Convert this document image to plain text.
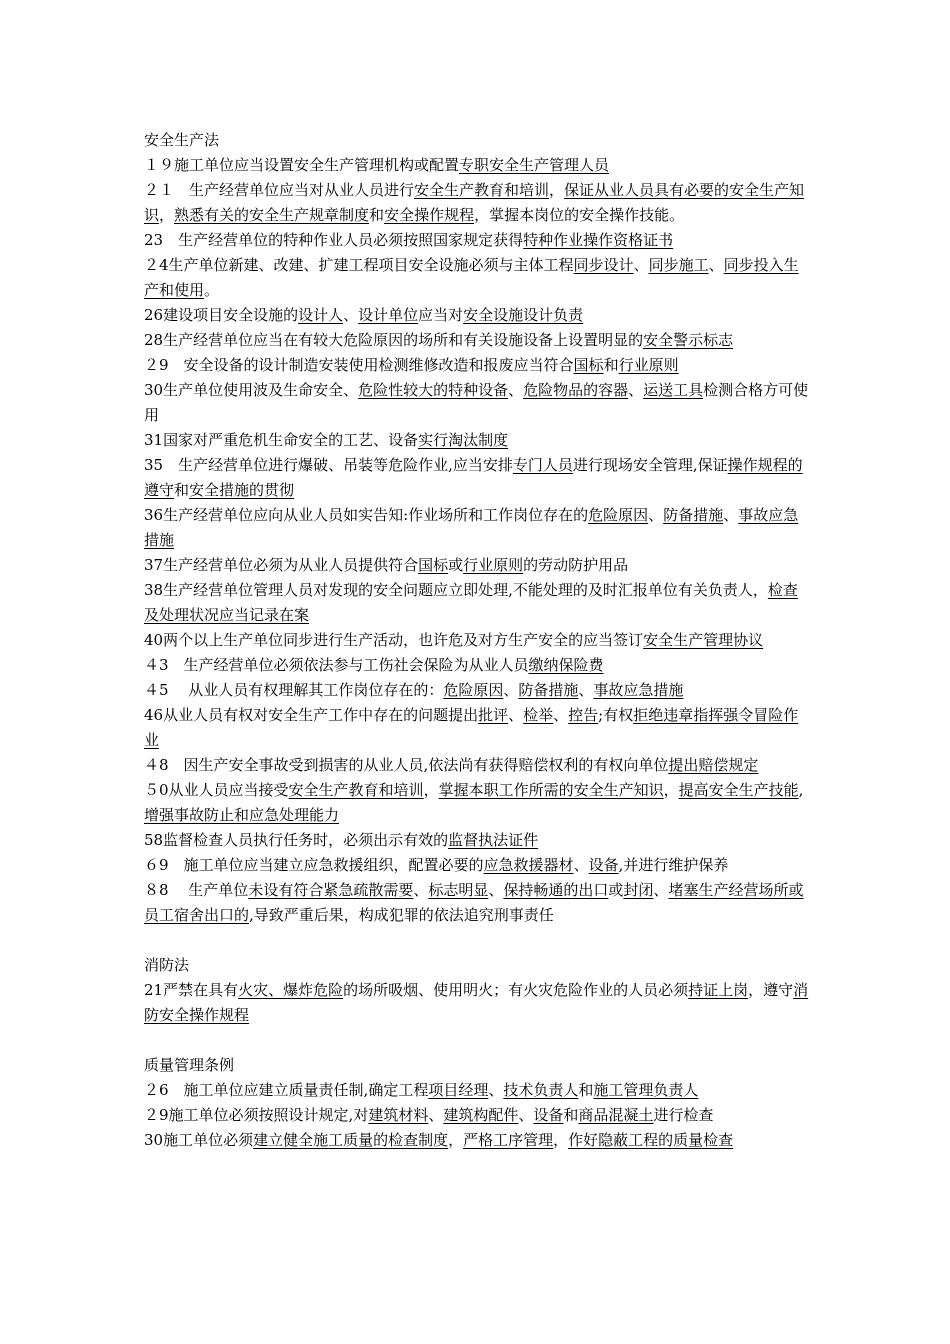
安全生产法
１９施工单位应当设置安全生产管理机构或配置专职安全生产管理人员
２１　生产经营单位应当对从业人员进行安全生产教育和培训，保证从业人员具有必要的安全生产知识，熟悉有关的安全生产规章制度和安全操作规程，掌握本岗位的安全操作技能。
23　生产经营单位的特种作业人员必须按照国家规定获得特种作业操作资格证书
２4生产单位新建、改建、扩建工程项目安全设施必须与主体工程同步设计、同步施工、同步投入生产和使用。
26建设项目安全设施的设计人、设计单位应当对安全设施设计负责
28生产经营单位应当在有较大危险原因的场所和有关设施设备上设置明显的安全警示标志
２9　安全设备的设计制造安装使用检测维修改造和报废应当符合国标和行业原则
30生产单位使用波及生命安全、危险性较大的特种设备、危险物品的容器、运送工具检测合格方可使用
31国家对严重危机生命安全的工艺、设备实行淘汰制度
35　生产经营单位进行爆破、吊装等危险作业,应当安排专门人员进行现场安全管理,保证操作规程的遵守和安全措施的贯彻
36生产经营单位应向从业人员如实告知:作业场所和工作岗位存在的危险原因、防备措施、事故应急措施
37生产经营单位必须为从业人员提供符合国标或行业原则的劳动防护用品
38生产经营单位管理人员对发现的安全问题应立即处理,不能处理的及时汇报单位有关负责人，检查及处理状况应当记录在案
40两个以上生产单位同步进行生产活动，也许危及对方生产安全的应当签订安全生产管理协议
４3　生产经营单位必须依法参与工伤社会保险为从业人员缴纳保险费
４5　 从业人员有权理解其工作岗位存在的：危险原因、防备措施、事故应急措施
46从业人员有权对安全生产工作中存在的问题提出批评、检举、控告;有权拒绝违章指挥强令冒险作业
４8　因生产安全事故受到损害的从业人员,依法尚有获得赔偿权利的有权向单位提出赔偿规定
５0从业人员应当接受安全生产教育和培训，掌握本职工作所需的安全生产知识，提高安全生产技能,增强事故防止和应急处理能力
58监督检查人员执行任务时，必须出示有效的监督执法证件
６9　施工单位应当建立应急救援组织，配置必要的应急救援器材、设备,并进行维护保养
８8　 生产单位未设有符合紧急疏散需要、标志明显、保持畅通的出口或封闭、堵塞生产经营场所或员工宿舍出口的,导致严重后果，构成犯罪的依法追究刑事责任
消防法
21严禁在具有火灾、爆炸危险的场所吸烟、使用明火；有火灾危险作业的人员必须持证上岗，遵守消防安全操作规程
质量管理条例
２6　施工单位应建立质量责任制,确定工程项目经理、技术负责人和施工管理负责人
２9施工单位必须按照设计规定,对建筑材料、建筑构配件、设备和商品混凝土进行检查
30施工单位必须建立健全施工质量的检查制度，严格工序管理，作好隐蔽工程的质量检查
